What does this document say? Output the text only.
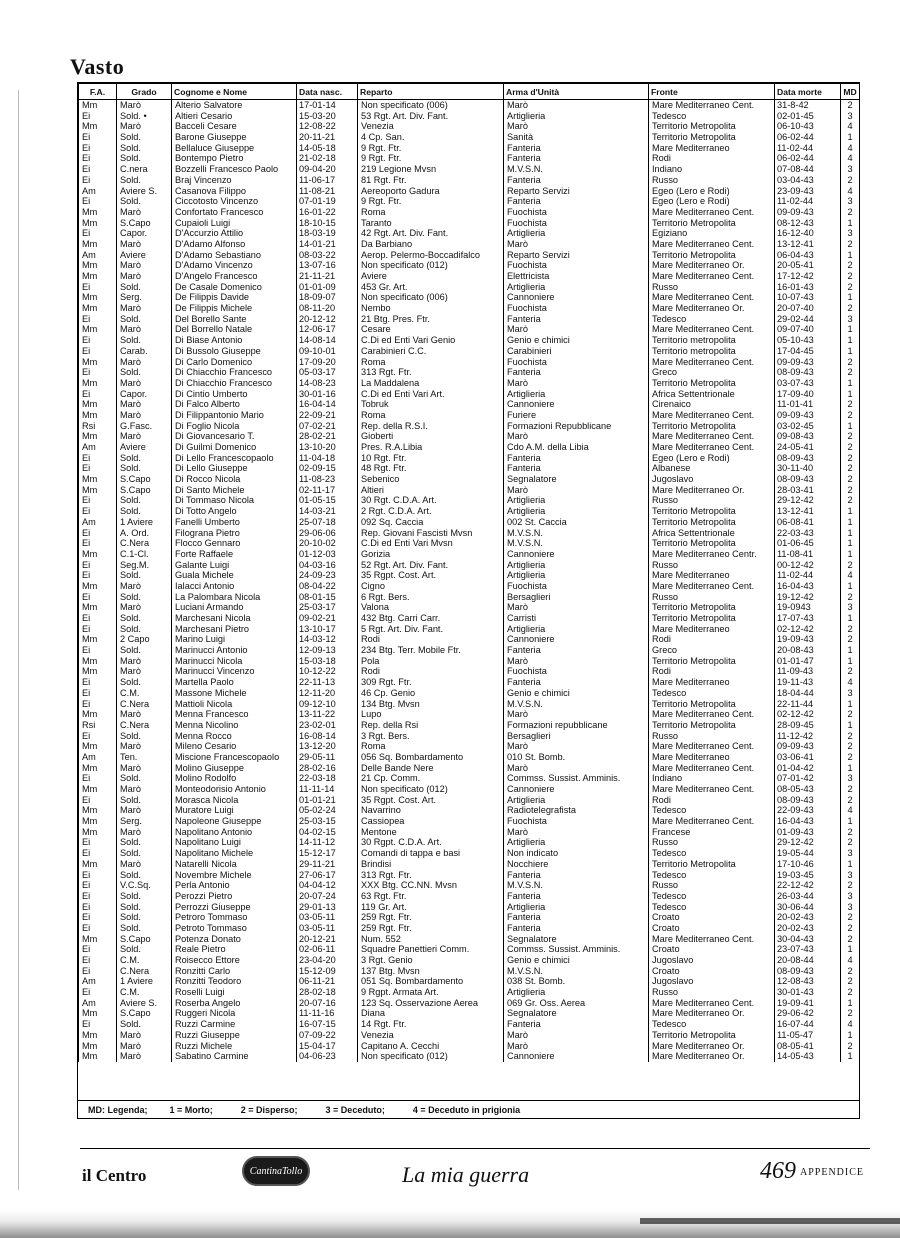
Vasto
F.A.	Grado	Cognome e Nome	Data nasc.	Reparto	Arma d'Unità	Fronte	Data morte	MD
Mm	Marò	Alterio Salvatore	17-01-14	Non specificato (006)	Marò	Mare Mediterraneo Cent.	31-8-42	2
Ei	Sold. •	Altieri Cesario	15-03-20	53 Rgt. Art. Div. Fant.	Artiglieria	Tedesco	02-01-45	3
Mm	Marò	Bacceli Cesare	12-08-22	Venezia	Marò	Territorio Metropolita	06-10-43	4
Ei	Sold.	Barone Giuseppe	20-11-21	4 Cp. San.	Sanità	Territorio Metropolita	06-02-44	1
Ei	Sold.	Bellaluce Giuseppe	14-05-18	9 Rgt. Ftr.	Fanteria	Mare Mediterraneo	11-02-44	4
Ei	Sold.	Bontempo Pietro	21-02-18	9 Rgt. Ftr.	Fanteria	Rodi	06-02-44	4
Ei	C.nera	Bozzelli Francesco Paolo	09-04-20	219 Legione Mvsn	M.V.S.N.	Indiano	07-08-44	3
Ei	Sold.	Braj Vincenzo	11-06-17	81 Rgt. Ftr.	Fanteria	Russo	03-04-43	2
Am	Aviere S.	Casanova Filippo	11-08-21	Aereoporto Gadura	Reparto Servizi	Egeo (Lero e Rodi)	23-09-43	4
Ei	Sold.	Ciccotosto Vincenzo	07-01-19	9 Rgt. Ftr.	Fanteria	Egeo (Lero e Rodi)	11-02-44	3
Mm	Marò	Confortato Francesco	16-01-22	Roma	Fuochista	Mare Mediterraneo Cent.	09-09-43	2
Mm	S.Capo	Cupaioli Luigi	18-10-15	Taranto	Fuochista	Territorio Metropolita	08-12-43	1
Ei	Capor.	D'Accurzio Attilio	18-03-19	42 Rgt. Art. Div. Fant.	Artiglieria	Egiziano	16-12-40	3
Mm	Marò	D'Adamo Alfonso	14-01-21	Da Barbiano	Marò	Mare Mediterraneo Cent.	13-12-41	2
Am	Aviere	D'Adamo Sebastiano	08-03-22	Aerop. Pelermo-Boccadifalco	Reparto Servizi	Territorio Metropolita	06-04-43	1
Mm	Marò	D'Adamo Vincenzo	13-07-16	Non specificato (012)	Fuochista	Mare Mediterraneo Or.	20-05-41	2
Mm	Marò	D'Angelo Francesco	21-11-21	Aviere	Elettricista	Mare Mediterraneo Cent.	17-12-42	2
Ei	Sold.	De Casale Domenico	01-01-09	453 Gr. Art.	Artiglieria	Russo	16-01-43	2
Mm	Serg.	De Filippis Davide	18-09-07	Non specificato (006)	Cannoniere	Mare Mediterraneo Cent.	10-07-43	1
Mm	Marò	De Filippis Michele	08-11-20	Nembo	Fuochista	Mare Mediterraneo Or.	20-07-40	2
Ei	Sold.	Del Borello Sante	20-12-12	21 Btg. Pres. Ftr.	Fanteria	Tedesco	29-02-44	3
Mm	Marò	Del Borrello Natale	12-06-17	Cesare	Marò	Mare Mediterraneo Cent.	09-07-40	1
Ei	Sold.	Di Biase Antonio	14-08-14	C.Di ed Enti Vari Genio	Genio e chimici	Territorio metropolita	05-10-43	1
Ei	Carab.	Di Bussolo Giuseppe	09-10-01	Carabinieri C.C.	Carabinieri	Territorio metropolita	17-04-45	1
Mm	Marò	Di Carlo Domenico	17-09-20	Roma	Fuochista	Mare Mediterraneo Cent.	09-09-43	2
Ei	Sold.	Di Chiacchio Francesco	05-03-17	313 Rgt. Ftr.	Fanteria	Greco	08-09-43	2
Mm	Marò	Di Chiacchio Francesco	14-08-23	La Maddalena	Marò	Territorio Metropolita	03-07-43	1
Ei	Capor.	Di Cintio Umberto	30-01-16	C.Di ed Enti Vari Art.	Artiglieria	Africa Settentrionale	17-09-40	1
Mm	Marò	Di Falco Alberto	16-04-14	Tobruk	Cannoniere	Cirenaico	11-01-41	2
Mm	Marò	Di Filippantonio Mario	22-09-21	Roma	Furiere	Mare Mediterraneo Cent.	09-09-43	2
Rsi	G.Fasc.	Di Foglio Nicola	07-02-21	Rep. della R.S.I.	Formazioni Repubblicane	Territorio Metropolita	03-02-45	1
Mm	Marò	Di Giovancesario T.	28-02-21	Gioberti	Marò	Mare Mediterraneo Cent.	09-08-43	2
Am	Aviere	Di Guilmi Domenico	13-10-20	Pres. R.A.Libia	Cdo A.M. della Libia	Mare Mediterraneo Cent.	24-05-41	2
Ei	Sold.	Di Lello Francescopaolo	11-04-18	10 Rgt. Ftr.	Fanteria	Egeo (Lero e Rodi)	08-09-43	2
Ei	Sold.	Di Lello Giuseppe	02-09-15	48 Rgt. Ftr.	Fanteria	Albanese	30-11-40	2
Mm	S.Capo	Di Rocco Nicola	11-08-23	Sebenico	Segnalatore	Jugoslavo	08-09-43	2
Mm	S.Capo	Di Santo Michele	02-11-17	Altieri	Marò	Mare Mediterraneo Or.	28-03-41	2
Ei	Sold.	Di Tommaso Nicola	01-05-15	30 Rgt. C.D.A. Art.	Artiglieria	Russo	29-12-42	2
Ei	Sold.	Di Totto Angelo	14-03-21	2 Rgt. C.D.A. Art.	Artiglieria	Territorio Metropolita	13-12-41	1
Am	1 Aviere	Fanelli Umberto	25-07-18	092 Sq. Caccia	002 St. Caccia	Territorio Metropolita	06-08-41	1
Ei	A. Ord.	Filograna Pietro	29-06-06	Rep. Giovani Fascisti Mvsn	M.V.S.N.	Africa Settentrionale	22-03-43	1
Ei	C.Nera	Flocco Gennaro	20-10-02	C.Di ed Enti Vari Mvsn	M.V.S.N.	Territorio Metropolita	01-06-45	1
Mm	C.1-Cl.	Forte Raffaele	01-12-03	Gorizia	Cannoniere	Mare Mediterraneo Centr.	11-08-41	1
Ei	Seg.M.	Galante Luigi	04-03-16	52 Rgt. Art. Div. Fant.	Artiglieria	Russo	00-12-42	2
Ei	Sold.	Guala Michele	24-09-23	35 Rgpt. Cost. Art.	Artiglieria	Mare Mediterraneo	11-02-44	4
Mm	Marò	Ialacci Antonio	08-04-22	Cigno	Fuochista	Mare Mediterraneo Cent.	16-04-43	1
Ei	Sold.	La Palombara Nicola	08-01-15	6 Rgt. Bers.	Bersaglieri	Russo	19-12-42	2
Mm	Marò	Luciani Armando	25-03-17	Valona	Marò	Territorio Metropolita	19-0943	3
Ei	Sold.	Marchesani Nicola	09-02-21	432 Btg. Carri Carr.	Carristi	Territorio Metropolita	17-07-43	1
Ei	Sold.	Marchesani Pietro	13-10-17	5 Rgt. Art. Div. Fant.	Artiglieria	Mare Mediterraneo	02-12-42	2
Mm	2 Capo	Marino Luigi	14-03-12	Rodi	Cannoniere	Rodi	19-09-43	2
Ei	Sold.	Marinucci Antonio	12-09-13	234 Btg. Terr. Mobile Ftr.	Fanteria	Greco	20-08-43	1
Mm	Marò	Marinucci Nicola	15-03-18	Pola	Marò	Territorio Metropolita	01-01-47	1
Mm	Marò	Marinucci Vincenzo	10-12-22	Rodi	Fuochista	Rodi	11-09-43	2
Ei	Sold.	Martella Paolo	22-11-13	309 Rgt. Ftr.	Fanteria	Mare Mediterraneo	19-11-43	4
Ei	C.M.	Massone Michele	12-11-20	46 Cp. Genio	Genio e chimici	Tedesco	18-04-44	3
Ei	C.Nera	Mattioli Nicola	09-12-10	134 Btg. Mvsn	M.V.S.N.	Territorio Metropolita	22-11-44	1
Mm	Marò	Menna Francesco	13-11-22	Lupo	Marò	Mare Mediterraneo Cent.	02-12-42	2
Rsi	C.Nera	Menna Nicolino	23-02-01	Rep. della Rsi	Formazioni repubblicane	Territorio Metropolita	28-09-45	1
Ei	Sold.	Menna Rocco	16-08-14	3 Rgt. Bers.	Bersaglieri	Russo	11-12-42	2
Mm	Marò	Mileno Cesario	13-12-20	Roma	Marò	Mare Mediterraneo Cent.	09-09-43	2
Am	Ten.	Miscione Francescopaolo	29-05-11	056 Sq. Bombardamento	010 St. Bomb.	Mare Mediterraneo	03-06-41	2
Mm	Marò	Molino Giuseppe	28-02-16	Delle Bande Nere	Marò	Mare Mediterraneo Cent.	01-04-42	1
Ei	Sold.	Molino Rodolfo	22-03-18	21 Cp. Comm.	Commss. Sussist. Amminis.	Indiano	07-01-42	3
Mm	Marò	Monteodorisio Antonio	11-11-14	Non specificato (012)	Cannoniere	Mare Mediterraneo Cent.	08-05-43	2
Ei	Sold.	Morasca Nicola	01-01-21	35 Rgpt. Cost. Art.	Artiglieria	Rodi	08-09-43	2
Mm	Marò	Muratore Luigi	05-02-24	Navarrino	Radiotelegrafista	Tedesco	22-09-43	4
Mm	Serg.	Napoleone Giuseppe	25-03-15	Cassiopea	Fuochista	Mare Mediterraneo Cent.	16-04-43	1
Mm	Marò	Napolitano Antonio	04-02-15	Mentone	Marò	Francese	01-09-43	2
Ei	Sold.	Napolitano Luigi	14-11-12	30 Rgpt. C.D.A. Art.	Artiglieria	Russo	29-12-42	2
Ei	Sold.	Napolitano Michele	15-12-17	Comandi di tappa e basi	Non indicato	Tedesco	19-05-44	3
Mm	Marò	Natarelli Nicola	29-11-21	Brindisi	Nocchiere	Territorio Metropolita	17-10-46	1
Ei	Sold.	Novembre Michele	27-06-17	313 Rgt. Ftr.	Fanteria	Tedesco	19-03-45	3
Ei	V.C.Sq.	Perla Antonio	04-04-12	XXX Btg. CC.NN. Mvsn	M.V.S.N.	Russo	22-12-42	2
Ei	Sold.	Perozzi Pietro	20-07-24	63 Rgt. Ftr.	Fanteria	Tedesco	26-03-44	3
Ei	Sold.	Perrozzi Giuseppe	29-01-13	119 Gr. Art.	Artiglieria	Tedesco	30-06-44	3
Ei	Sold.	Petroro Tommaso	03-05-11	259 Rgt. Ftr.	Fanteria	Croato	20-02-43	2
Ei	Sold.	Petroto Tommaso	03-05-11	259 Rgt. Ftr.	Fanteria	Croato	20-02-43	2
Mm	S.Capo	Potenza Donato	20-12-21	Num. 552	Segnalatore	Mare Mediterraneo Cent.	30-04-43	2
Ei	Sold.	Reale Pietro	02-06-11	Squadre Panettieri Comm.	Commss. Sussist. Amminis.	Croato	23-07-43	1
Ei	C.M.	Roisecco Ettore	23-04-20	3 Rgt. Genio	Genio e chimici	Jugoslavo	20-08-44	4
Ei	C.Nera	Ronzitti Carlo	15-12-09	137 Btg. Mvsn	M.V.S.N.	Croato	08-09-43	2
Am	1 Aviere	Ronzitti Teodoro	06-11-21	051 Sq. Bombardamento	038 St. Bomb.	Jugoslavo	12-08-43	2
Ei	C.M.	Roselli Luigi	28-02-18	9 Rgpt. Armata Art.	Artiglieria	Russo	30-01-43	2
Am	Aviere S.	Roserba Angelo	20-07-16	123 Sq. Osservazione Aerea	069 Gr. Oss. Aerea	Mare Mediterraneo Cent.	19-09-41	1
Mm	S.Capo	Ruggeri Nicola	11-11-16	Diana	Segnalatore	Mare Mediterraneo Or.	29-06-42	2
Ei	Sold.	Ruzzi Carmine	16-07-15	14 Rgt. Ftr.	Fanteria	Tedesco	16-07-44	4
Mm	Marò	Ruzzi Giuseppe	07-09-22	Venezia	Marò	Territorio Metropolita	11-05-47	1
Mm	Marò	Ruzzi Michele	15-04-17	Capitano A. Cecchi	Marò	Mare Mediterraneo Or.	08-05-41	2
Mm	Marò	Sabatino Carmine	04-06-23	Non specificato (012)	Cannoniere	Mare Mediterraneo Or.	14-05-43	1
MD: Legenda; 1 = Morto;	2 = Disperso;	3 = Deceduto;	4 = Deceduto in prigionia
il Centro	CantinaTollo	La mia guerra	469 APPENDICE
